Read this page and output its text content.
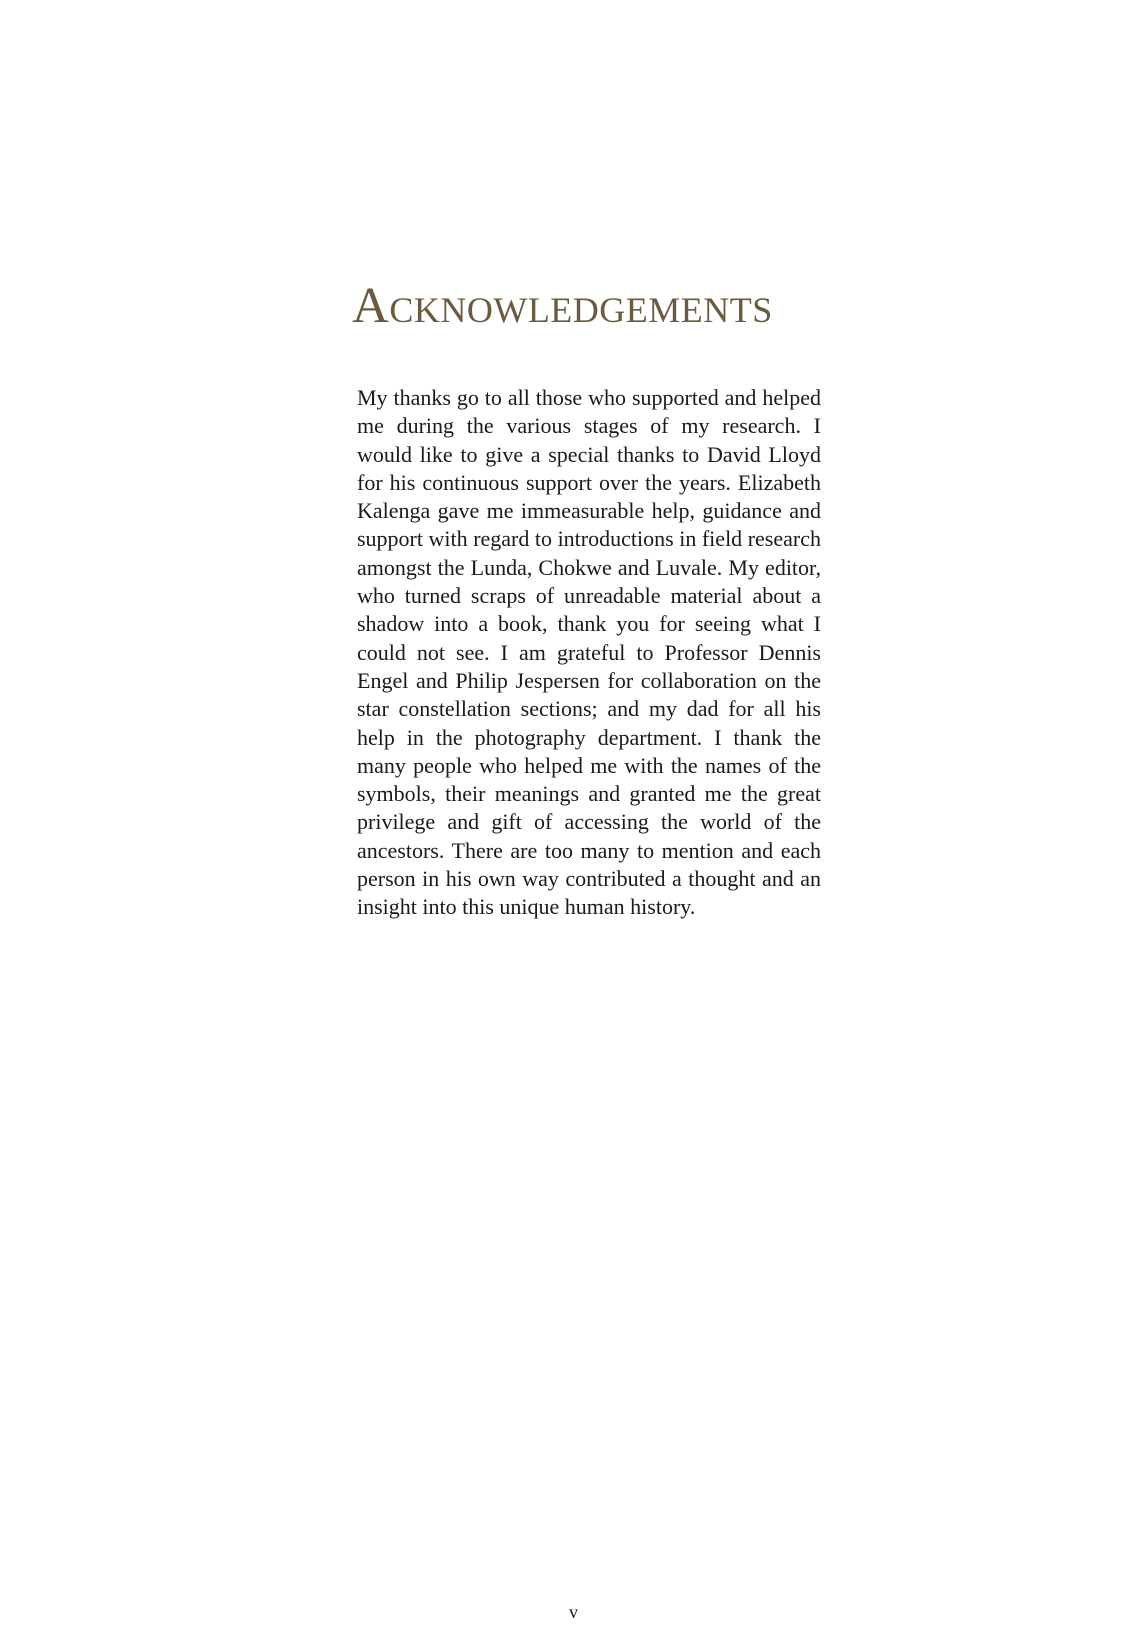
Acknowledgements

My thanks go to all those who supported and helped me during the various stages of my research. I would like to give a special thanks to David Lloyd for his continuous support over the years. Elizabeth Kalenga gave me immeasurable help, guidance and support with regard to introductions in field research amongst the Lunda, Chokwe and Luvale. My editor, who turned scraps of unreadable material about a shadow into a book, thank you for seeing what I could not see. I am grateful to Professor Dennis Engel and Philip Jespersen for collaboration on the star constellation sections; and my dad for all his help in the photography department. I thank the many people who helped me with the names of the symbols, their meanings and granted me the great privilege and gift of accessing the world of the ancestors. There are too many to mention and each person in his own way contributed a thought and an insight into this unique human history.

v
